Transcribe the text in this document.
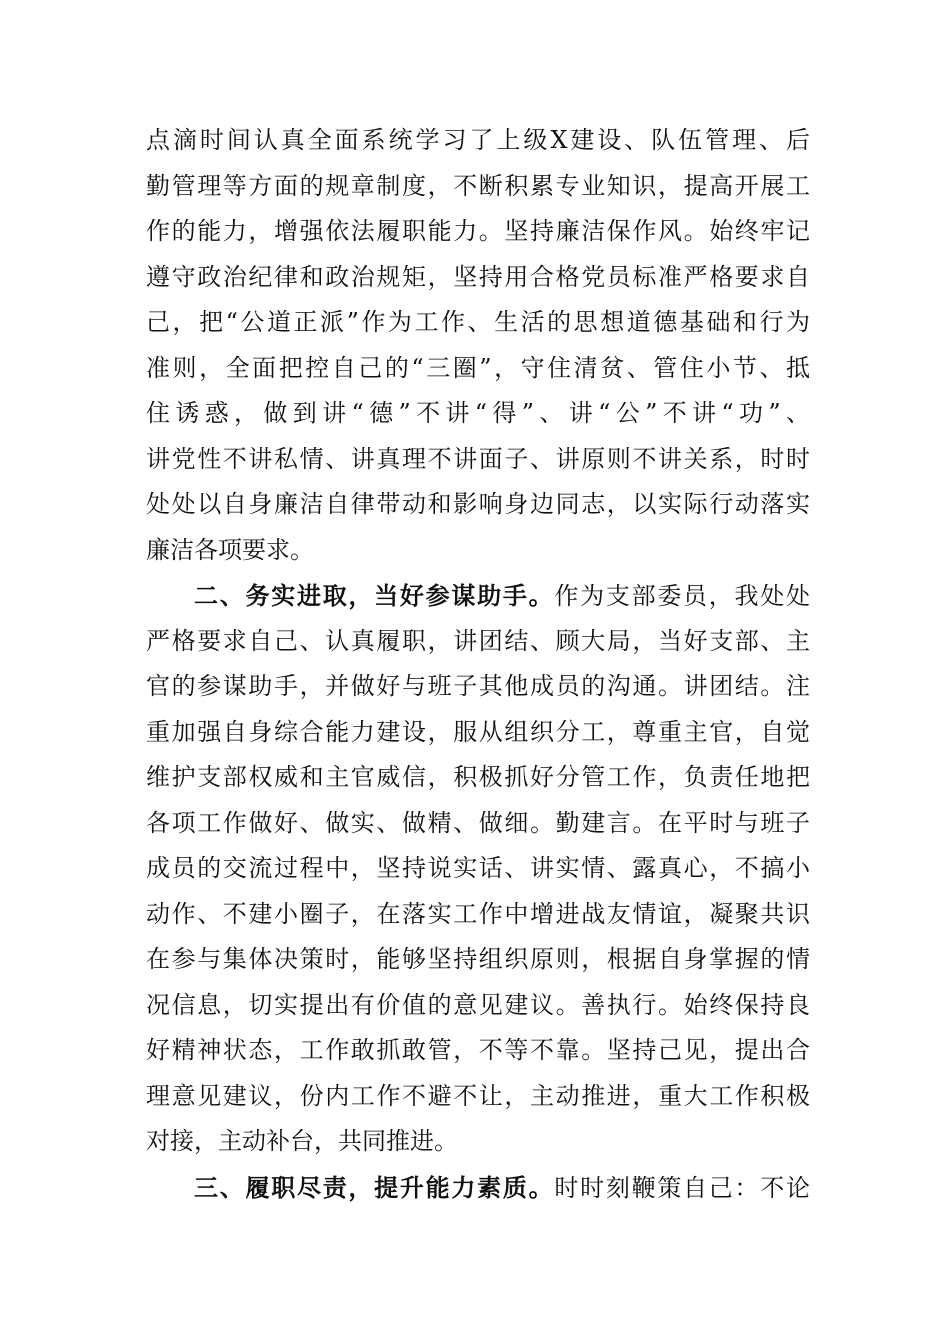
点滴时间认真全面系统学习了上级X建设、队伍管理、后
勤管理等方面的规章制度，不断积累专业知识，提高开展工
作的能力，增强依法履职能力。坚持廉洁保作风。始终牢记
遵守政治纪律和政治规矩，坚持用合格党员标准严格要求自
己，把“公道正派”作为工作、生活的思想道德基础和行为
准则，全面把控自己的“三圈”，守住清贫、管住小节、抵
住诱惑，做到讲“德”不讲“得”、讲“公”不讲“功”、
讲党性不讲私情、讲真理不讲面子、讲原则不讲关系，时时
处处以自身廉洁自律带动和影响身边同志，以实际行动落实
廉洁各项要求。
二、务实进取，当好参谋助手。作为支部委员，我处处
严格要求自己、认真履职，讲团结、顾大局，当好支部、主
官的参谋助手，并做好与班子其他成员的沟通。讲团结。注
重加强自身综合能力建设，服从组织分工，尊重主官，自觉
维护支部权威和主官威信，积极抓好分管工作，负责任地把
各项工作做好、做实、做精、做细。勤建言。在平时与班子
成员的交流过程中，坚持说实话、讲实情、露真心，不搞小
动作、不建小圈子，在落实工作中增进战友情谊，凝聚共识
在参与集体决策时，能够坚持组织原则，根据自身掌握的情
况信息，切实提出有价值的意见建议。善执行。始终保持良
好精神状态，工作敢抓敢管，不等不靠。坚持己见，提出合
理意见建议，份内工作不避不让，主动推进，重大工作积极
对接，主动补台，共同推进。
三、履职尽责，提升能力素质。时时刻鞭策自己：不论
